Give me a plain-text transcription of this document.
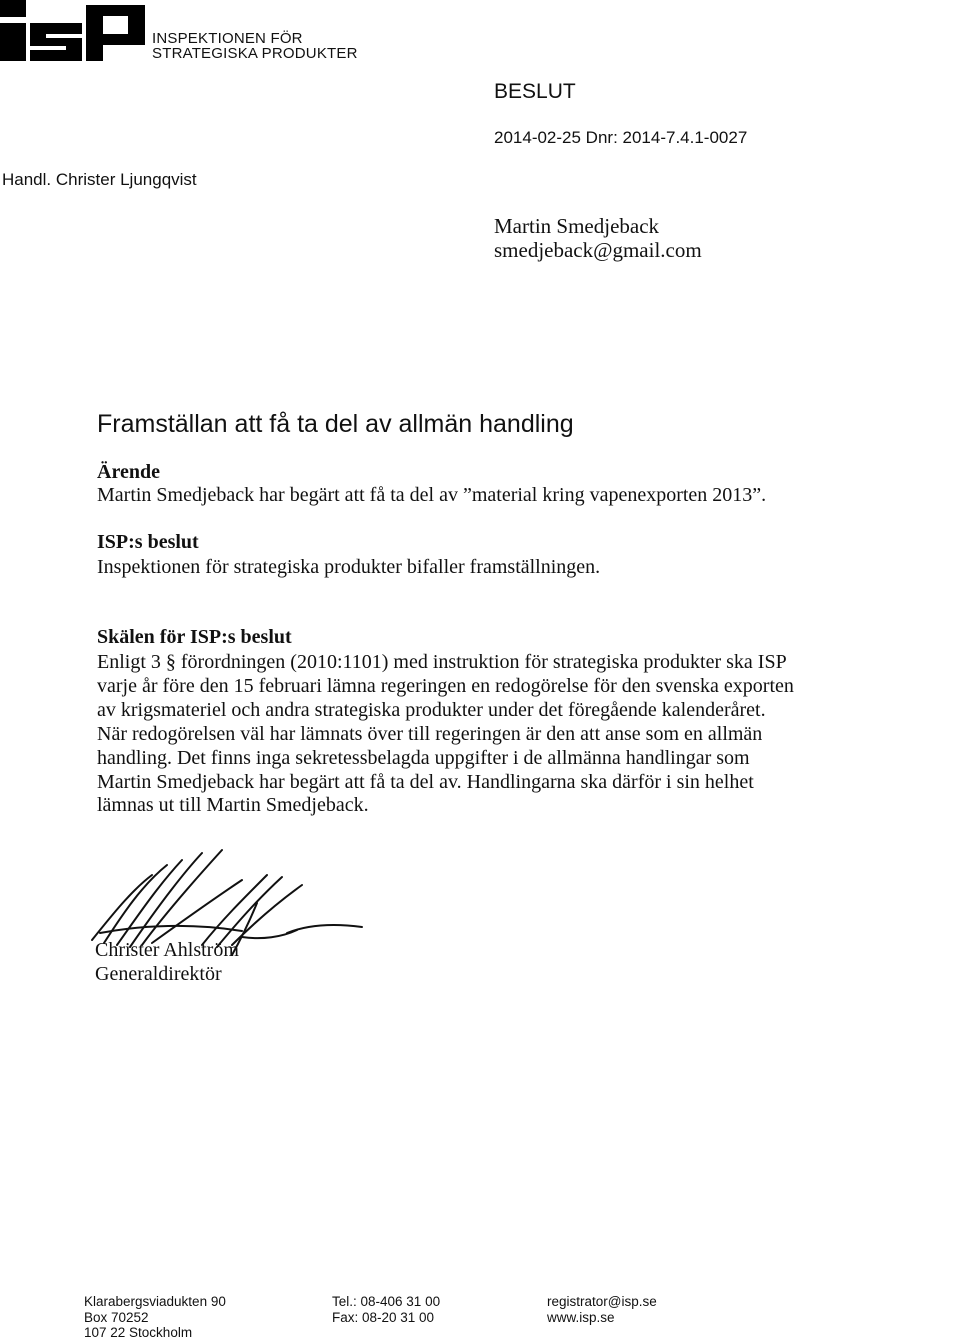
INSPEKTIONEN FÖR
STRATEGISKA PRODUKTER
BESLUT
2014-02-25 Dnr: 2014-7.4.1-0027
Handl. Christer Ljungqvist
Martin Smedjeback
smedjeback@gmail.com
Framställan att få ta del av allmän handling
Ärende
Martin Smedjeback har begärt att få ta del av ”material kring vapenexporten 2013”.
ISP:s beslut
Inspektionen för strategiska produkter bifaller framställningen.
Skälen för ISP:s beslut
Enligt 3 § förordningen (2010:1101) med instruktion för strategiska produkter ska ISP
varje år före den 15 februari lämna regeringen en redogörelse för den svenska exporten
av krigsmateriel och andra strategiska produkter under det föregående kalenderåret.
När redogörelsen väl har lämnats över till regeringen är den att anse som en allmän
handling. Det finns inga sekretessbelagda uppgifter i de allmänna handlingar som
Martin Smedjeback har begärt att få ta del av. Handlingarna ska därför i sin helhet
lämnas ut till Martin Smedjeback.
Christer Ahlström
Generaldirektör
Klarabergsviadukten 90
Box 70252
107 22 Stockholm
Tel.: 08-406 31 00
Fax: 08-20 31 00
registrator@isp.se
www.isp.se
